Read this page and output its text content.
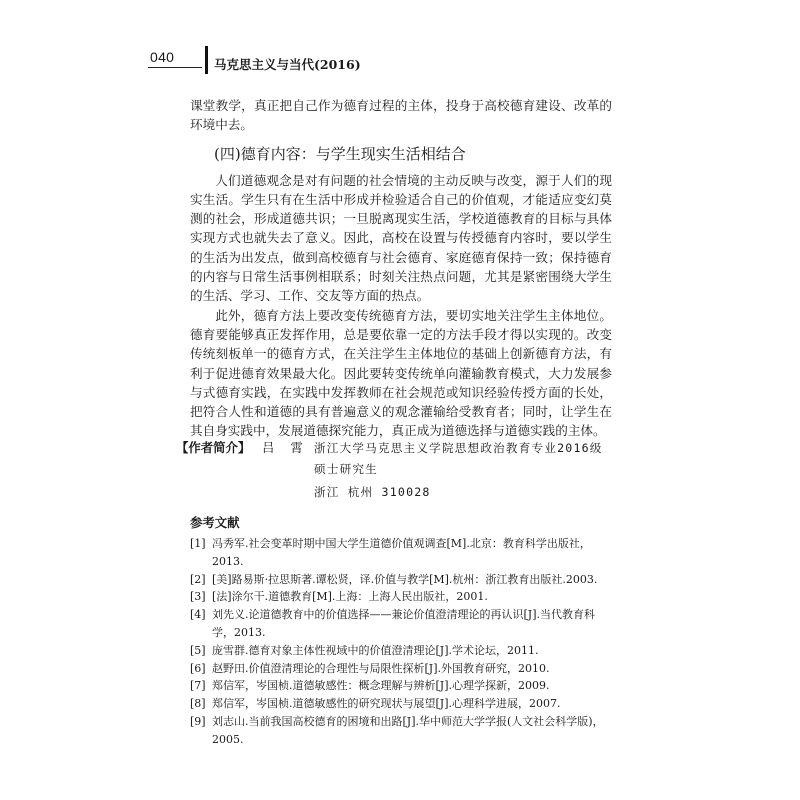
040	马克思主义与当代(2016)

课堂教学，真正把自己作为德育过程的主体，投身于高校德育建设、改革的环境中去。

(四)德育内容：与学生现实生活相结合

人们道德观念是对有问题的社会情境的主动反映与改变，源于人们的现实生活。学生只有在生活中形成并检验适合自己的价值观，才能适应变幻莫测的社会，形成道德共识；一旦脱离现实生活，学校道德教育的目标与具体实现方式也就失去了意义。因此，高校在设置与传授德育内容时，要以学生的生活为出发点，做到高校德育与社会德育、家庭德育保持一致；保持德育的内容与日常生活事例相联系；时刻关注热点问题，尤其是紧密围绕大学生的生活、学习、工作、交友等方面的热点。

此外，德育方法上要改变传统德育方法，要切实地关注学生主体地位。德育要能够真正发挥作用，总是要依靠一定的方法手段才得以实现的。改变传统刻板单一的德育方式，在关注学生主体地位的基础上创新德育方法，有利于促进德育效果最大化。因此要转变传统单向灌输教育模式，大力发展参与式德育实践，在实践中发挥教师在社会规范或知识经验传授方面的长处，把符合人性和道德的具有普遍意义的观念灌输给受教育者；同时，让学生在其自身实践中，发展道德探究能力，真正成为道德选择与道德实践的主体。

【作者简介】 吕 霄 浙江大学马克思主义学院思想政治教育专业2016级硕士研究生
浙江 杭州 310028
参考文献
[1] 冯秀军.社会变革时期中国大学生道德价值观调查[M].北京：教育科学出版社，2013.
[2] [美]路易斯·拉思斯著.谭松贤，译.价值与教学[M].杭州：浙江教育出版社.2003.
[3] [法]涂尔干.道德教育[M].上海：上海人民出版社，2001.
[4] 刘先义.论道德教育中的价值选择——兼论价值澄清理论的再认识[J].当代教育科学，2013.
[5] 庞雪群.德育对象主体性视域中的价值澄清理论[J].学术论坛，2011.
[6] 赵野田.价值澄清理论的合理性与局限性探析[J].外国教育研究，2010.
[7] 郑信军，岑国桢.道德敏感性：概念理解与辨析[J].心理学探新，2009.
[8] 郑信军，岑国桢.道德敏感性的研究现状与展望[J].心理科学进展，2007.
[9] 刘志山.当前我国高校德育的困境和出路[J].华中师范大学学报(人文社会科学版)，2005.
